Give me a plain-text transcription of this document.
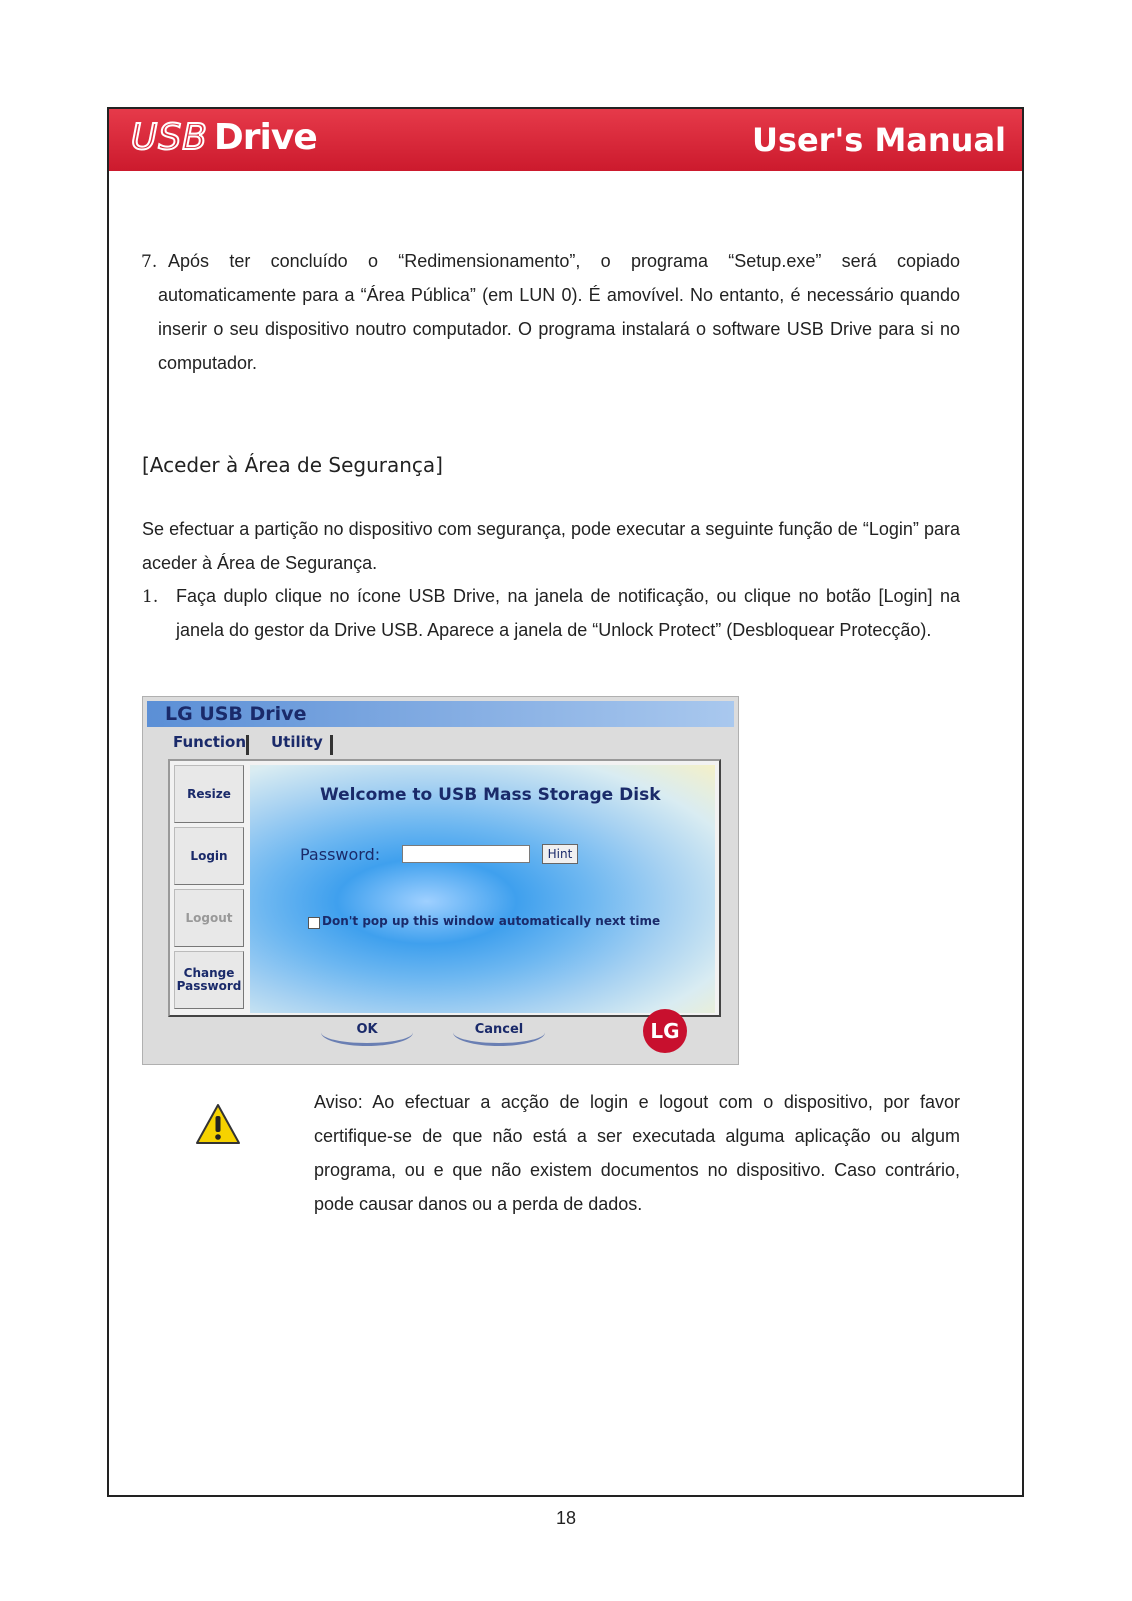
USB Drive	User's Manual
7. Após ter concluído o “Redimensionamento”, o programa “Setup.exe” será copiado automaticamente para a “Área Pública” (em LUN 0). É amovível. No entanto, é necessário quando inserir o seu dispositivo noutro computador. O programa instalará o software USB Drive para si no computador.

[Aceder à Área de Segurança]

Se efectuar a partição no dispositivo com segurança, pode executar a seguinte função de “Login” para aceder à Área de Segurança.

1. Faça duplo clique no ícone USB Drive, na janela de notificação, ou clique no botão [Login] na janela do gestor da Drive USB. Aparece a janela de “Unlock Protect” (Desbloquear Protecção).

LG USB Drive
Function Utility
Resize
Login
Logout
Change Password
Welcome to USB Mass Storage Disk
Password:	Hint
Don't pop up this window automatically next time
OK	Cancel	LG

Aviso: Ao efectuar a acção de login e logout com o dispositivo, por favor certifique-se de que não está a ser executada alguma aplicação ou algum programa, ou e que não existem documentos no dispositivo. Caso contrário, pode causar danos ou a perda de dados.

18
